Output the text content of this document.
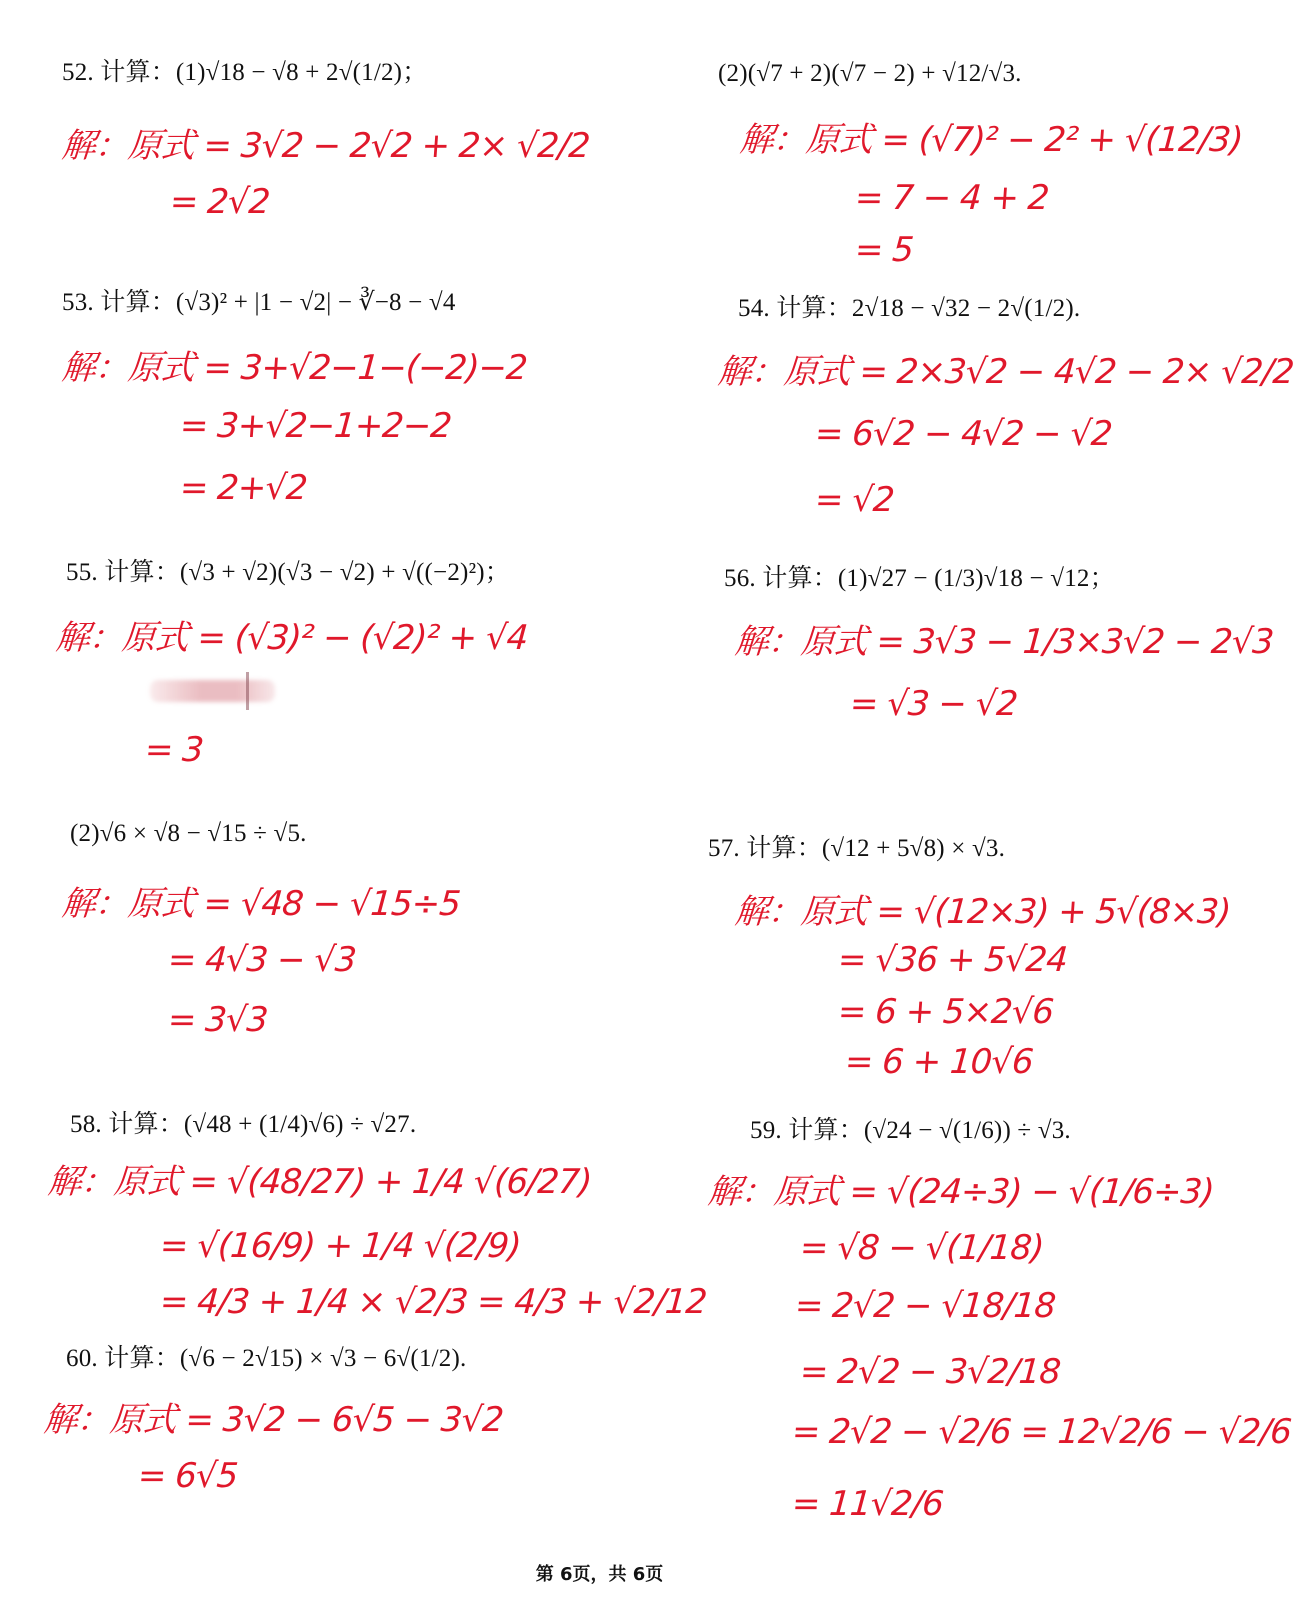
52. 计算：(1)√18 − √8 + 2√(1/2)；	(2)(√7 + 2)(√7 − 2) + √12/√3.
53. 计算：(√3)² + |1 − √2| − ∛−8 − √4	54. 计算：2√18 − √32 − 2√(1/2).
55. 计算：(√3 + √2)(√3 − √2) + √((−2)²)；	56. 计算：(1)√27 − (1/3)√18 − √12；
(2)√6 × √8 − √15 ÷ √5.
57. 计算：(√12 + 5√8) × √3.
58. 计算：(√48 + (1/4)√6) ÷ √27.	59. 计算：(√24 − √(1/6)) ÷ √3.
60. 计算：(√6 − 2√15) × √3 − 6√(1/2).
解：原式 = 3√2 − 2√2 + 2× √2/2
= 2√2
解：原式 = (√7)² − 2² + √(12/3)
= 7 − 4 + 2
= 5
解：原式 = 3+√2−1−(−2)−2
= 3+√2−1+2−2
= 2+√2
解：原式 = 2×3√2 − 4√2 − 2× √2/2
= 6√2 − 4√2 − √2
= √2
解：原式 = (√3)² − (√2)² + √4
= 3
解：原式 = 3√3 − 1/3×3√2 − 2√3
= √3 − √2
解：原式 = √48 − √15÷5
= 4√3 − √3
= 3√3
解：原式 = √(12×3) + 5√(8×3)
= √36 + 5√24
= 6 + 5×2√6
= 6 + 10√6
解：原式 = √(48/27) + 1/4 √(6/27)
= √(16/9) + 1/4 √(2/9)
= 4/3 + 1/4 × √2/3 = 4/3 + √2/12
解：原式 = √(24÷3) − √(1/6÷3)
= √8 − √(1/18)
= 2√2 − √18/18
= 2√2 − 3√2/18
= 2√2 − √2/6 = 12√2/6 − √2/6
= 11√2/6
解：原式 = 3√2 − 6√5 − 3√2
= 6√5
第 6页，共 6页
